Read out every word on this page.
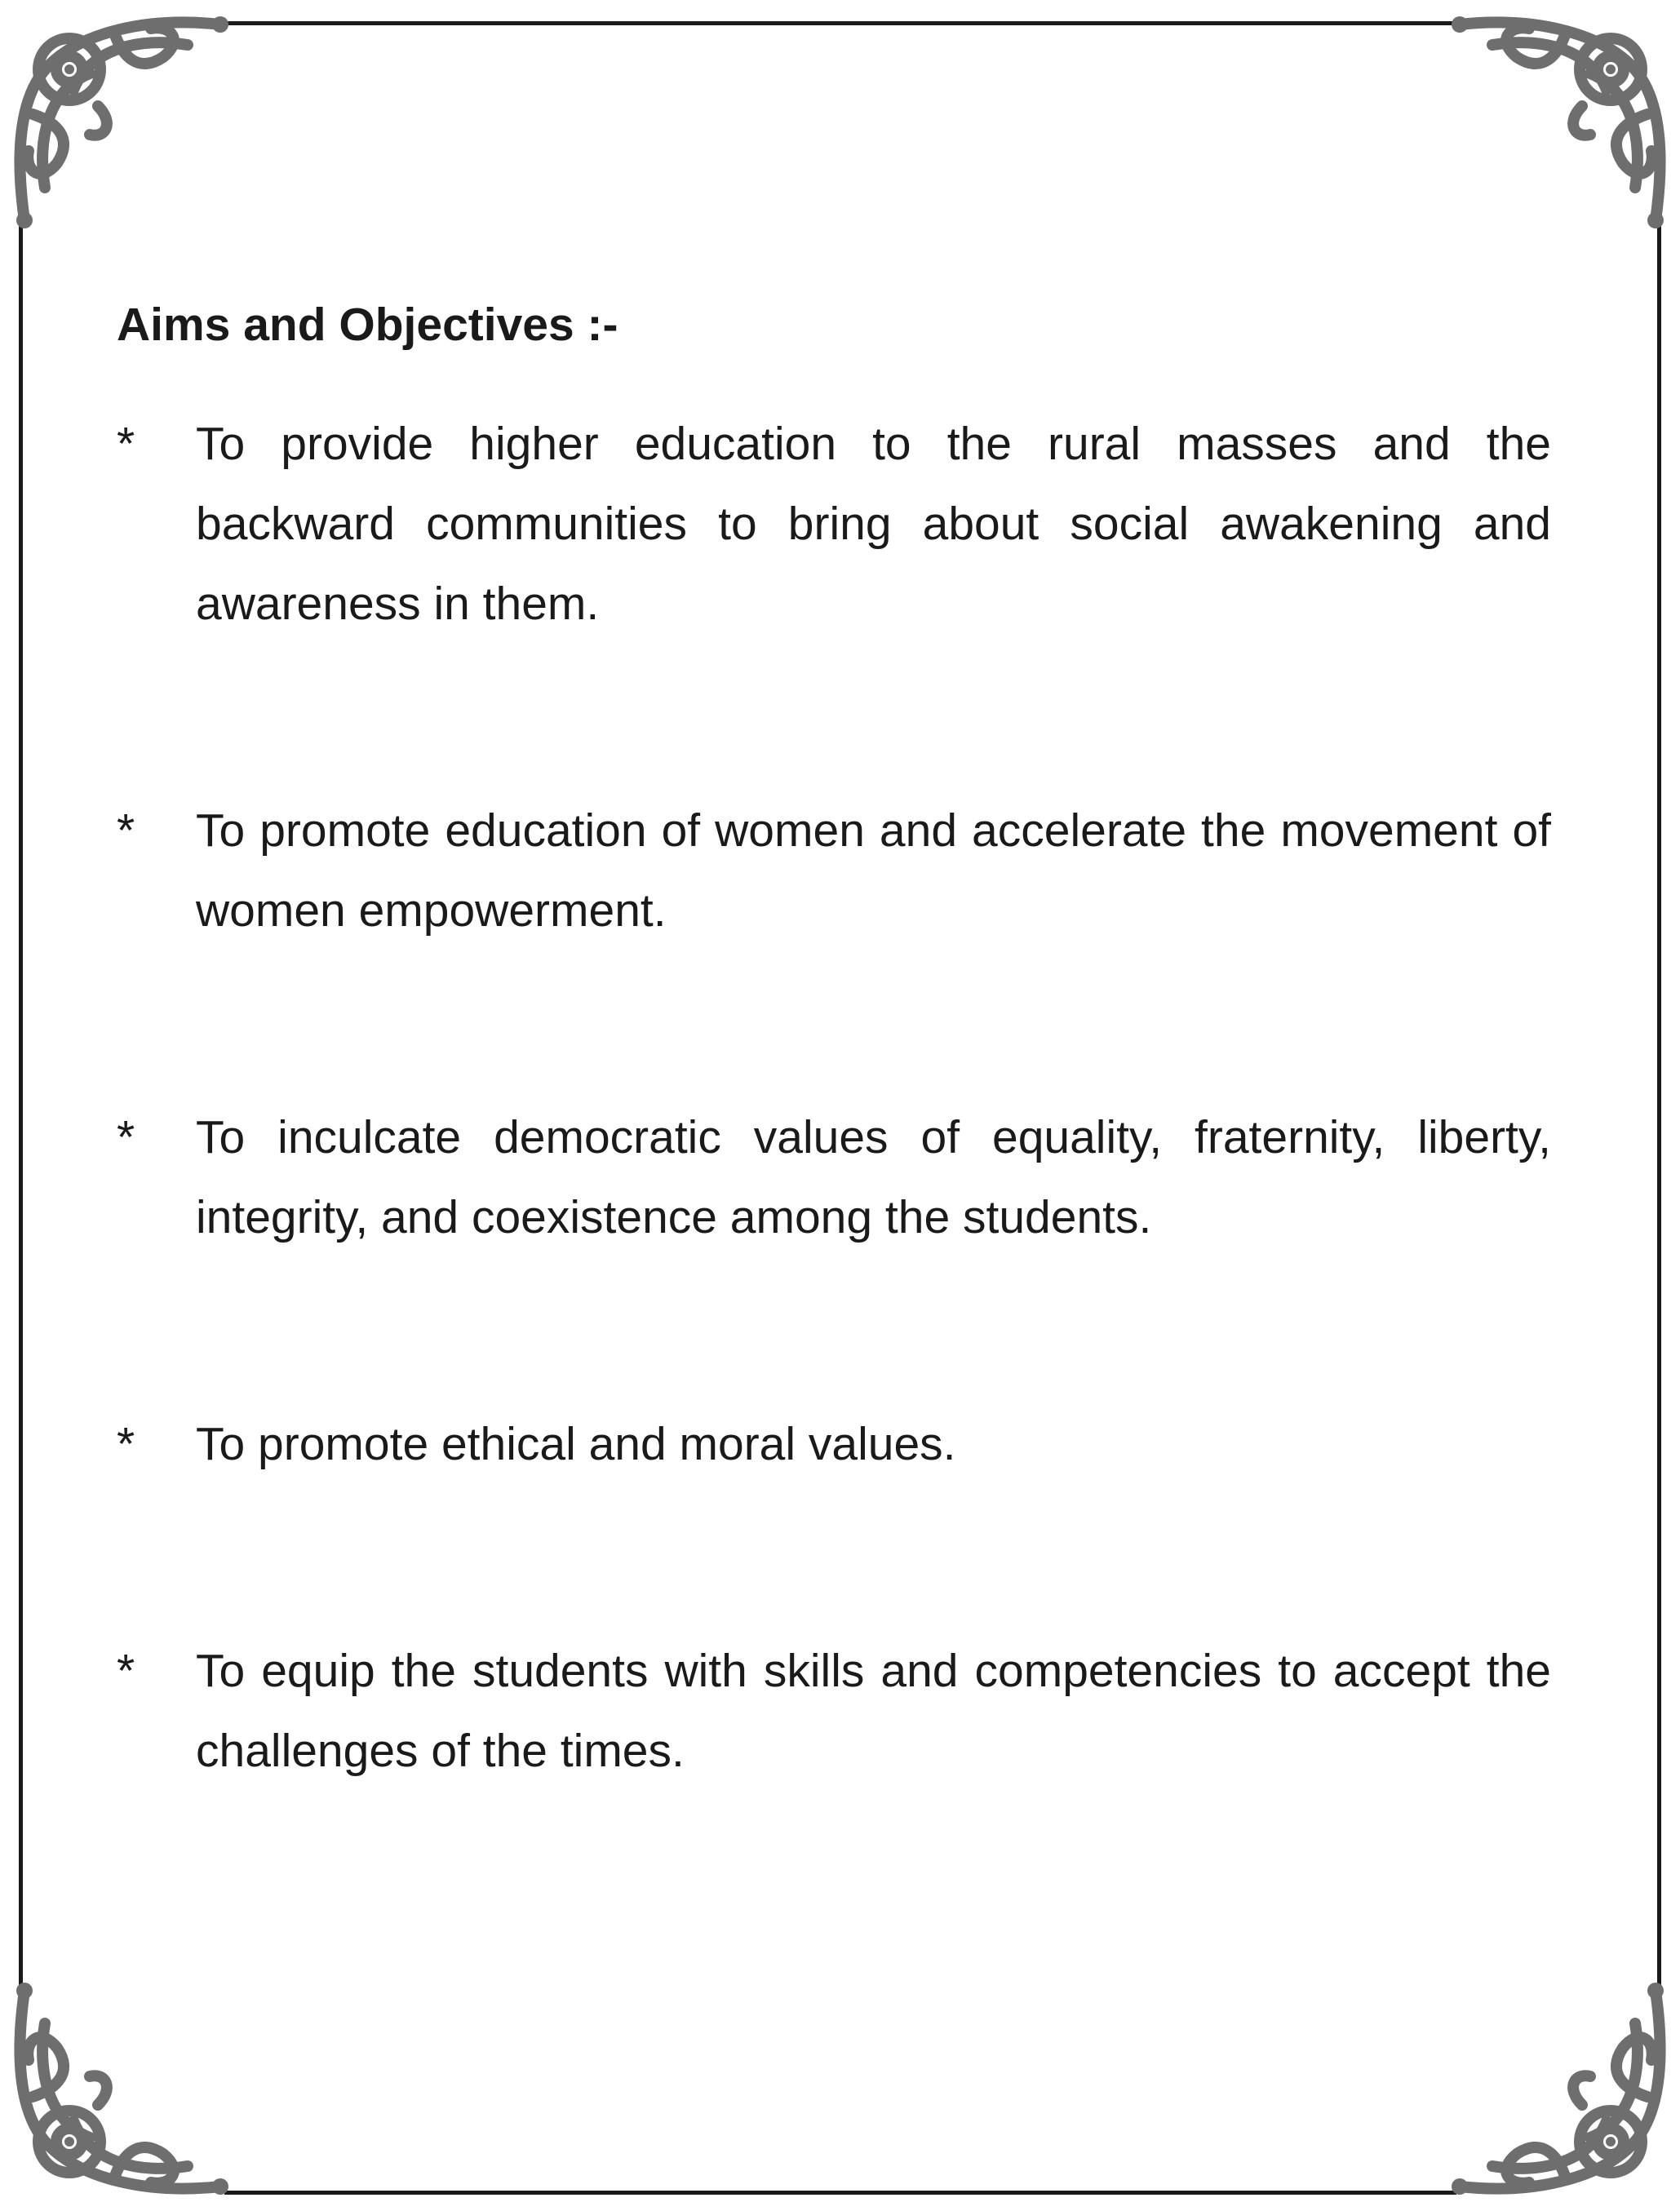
Aims and Objectives :-
* To provide higher education to the rural masses and the backward communities to bring about social awakening and awareness in them.
* To promote education of women and accelerate the movement of women empowerment.
* To inculcate democratic values of equality, fraternity, liberty, integrity, and coexistence among the students.
* To promote ethical and moral values.
* To equip the students with skills and competencies to accept the challenges of the times.
